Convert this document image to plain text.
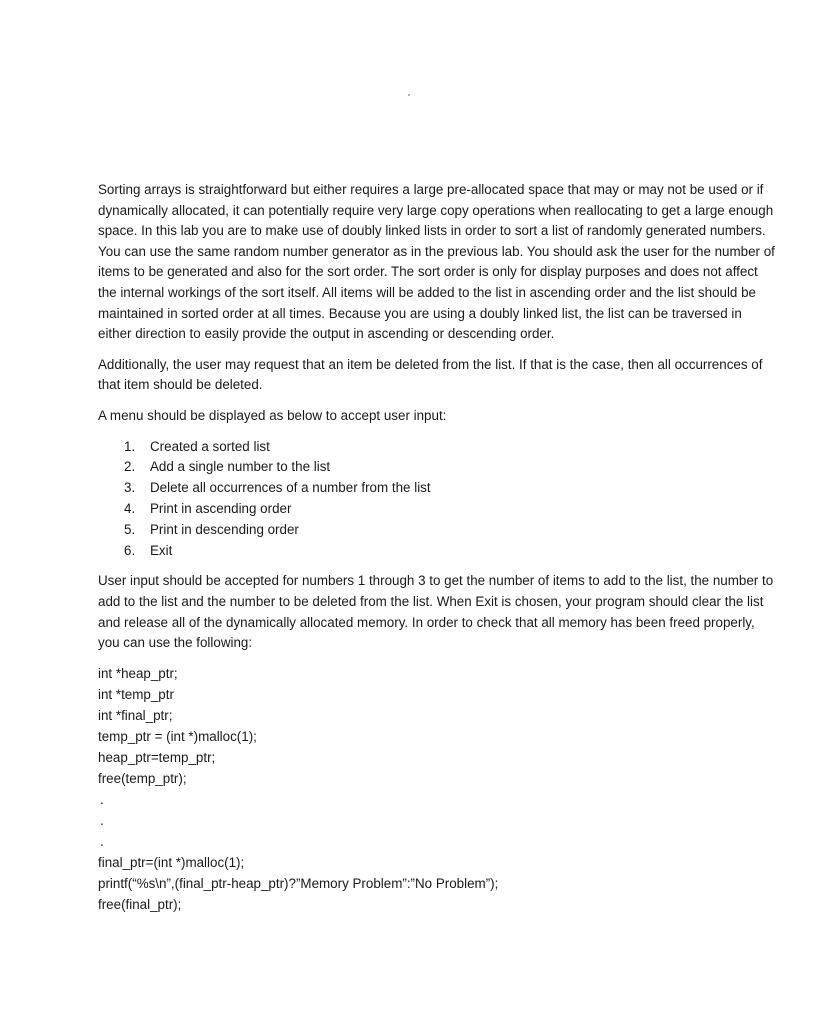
Sorting arrays is straightforward but either requires a large pre-allocated space that may or may not be used or if dynamically allocated, it can potentially require very large copy operations when reallocating to get a large enough space. In this lab you are to make use of doubly linked lists in order to sort a list of randomly generated numbers. You can use the same random number generator as in the previous lab. You should ask the user for the number of items to be generated and also for the sort order. The sort order is only for display purposes and does not affect the internal workings of the sort itself. All items will be added to the list in ascending order and the list should be maintained in sorted order at all times. Because you are using a doubly linked list, the list can be traversed in either direction to easily provide the output in ascending or descending order.

Additionally, the user may request that an item be deleted from the list. If that is the case, then all occurrences of that item should be deleted.

A menu should be displayed as below to accept user input:

1.	Created a sorted list
2.	Add a single number to the list
3.	Delete all occurrences of a number from the list
4.	Print in ascending order
5.	Print in descending order
6.	Exit

User input should be accepted for numbers 1 through 3 to get the number of items to add to the list, the number to add to the list and the number to be deleted from the list. When Exit is chosen, your program should clear the list and release all of the dynamically allocated memory. In order to check that all memory has been freed properly, you can use the following:

int *heap_ptr;
int *temp_ptr
int *final_ptr;
temp_ptr = (int *)malloc(1);
heap_ptr=temp_ptr;
free(temp_ptr);
.
.
.
final_ptr=(int *)malloc(1);
printf(“%s\n”,(final_ptr-heap_ptr)?”Memory Problem”:”No Problem”);
free(final_ptr);
